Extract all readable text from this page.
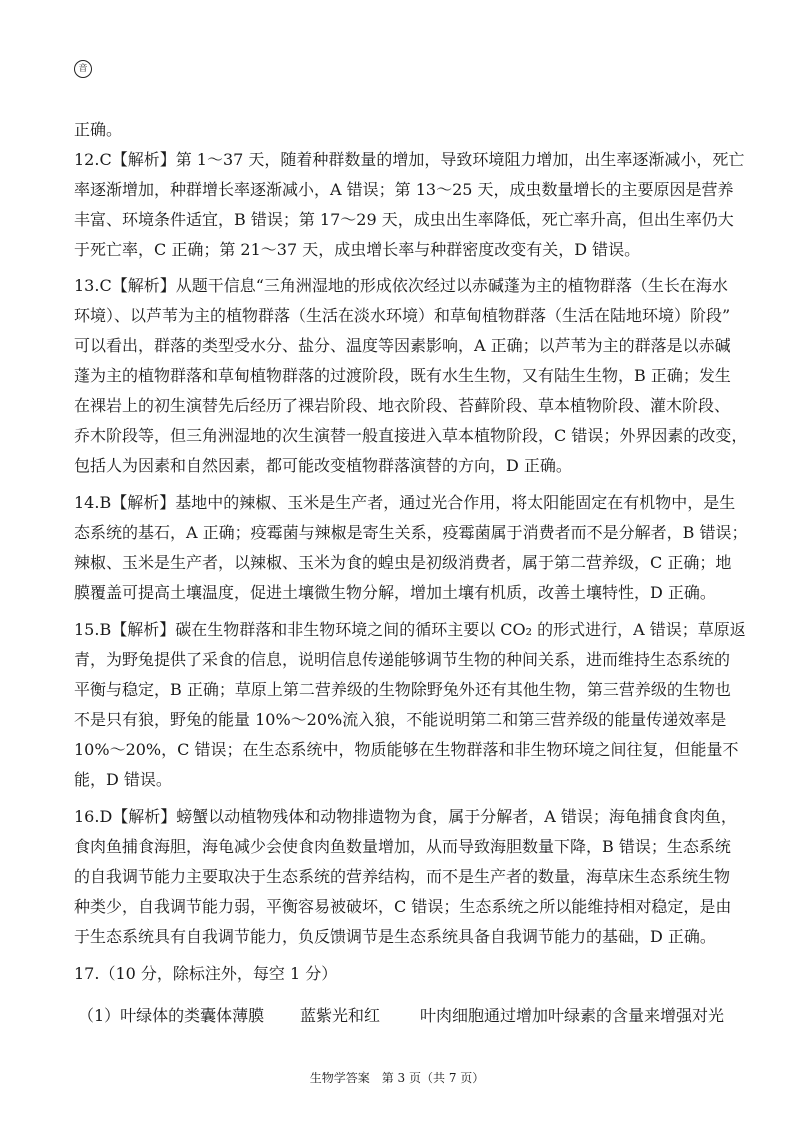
音
正确。
12.C【解析】第 1～37 天，随着种群数量的增加，导致环境阻力增加，出生率逐渐减小，死亡
率逐渐增加，种群增长率逐渐减小，A 错误；第 13～25 天，成虫数量增长的主要原因是营养
丰富、环境条件适宜，B 错误；第 17～29 天，成虫出生率降低，死亡率升高，但出生率仍大
于死亡率，C 正确；第 21～37 天，成虫增长率与种群密度改变有关，D 错误。
13.C【解析】从题干信息“三角洲湿地的形成依次经过以赤碱蓬为主的植物群落（生长在海水
环境）、以芦苇为主的植物群落（生活在淡水环境）和草甸植物群落（生活在陆地环境）阶段”
可以看出，群落的类型受水分、盐分、温度等因素影响，A 正确；以芦苇为主的群落是以赤碱
蓬为主的植物群落和草甸植物群落的过渡阶段，既有水生生物，又有陆生生物，B 正确；发生
在裸岩上的初生演替先后经历了裸岩阶段、地衣阶段、苔藓阶段、草本植物阶段、灌木阶段、
乔木阶段等，但三角洲湿地的次生演替一般直接进入草本植物阶段，C 错误；外界因素的改变，
包括人为因素和自然因素，都可能改变植物群落演替的方向，D 正确。
14.B【解析】基地中的辣椒、玉米是生产者，通过光合作用，将太阳能固定在有机物中，是生
态系统的基石，A 正确；疫霉菌与辣椒是寄生关系，疫霉菌属于消费者而不是分解者，B 错误；
辣椒、玉米是生产者，以辣椒、玉米为食的蝗虫是初级消费者，属于第二营养级，C 正确；地
膜覆盖可提高土壤温度，促进土壤微生物分解，增加土壤有机质，改善土壤特性，D 正确。
15.B【解析】碳在生物群落和非生物环境之间的循环主要以 CO₂ 的形式进行，A 错误；草原返
青，为野兔提供了采食的信息，说明信息传递能够调节生物的种间关系，进而维持生态系统的
平衡与稳定，B 正确；草原上第二营养级的生物除野兔外还有其他生物，第三营养级的生物也
不是只有狼，野兔的能量 10%～20%流入狼，不能说明第二和第三营养级的能量传递效率是
10%～20%，C 错误；在生态系统中，物质能够在生物群落和非生物环境之间往复，但能量不
能，D 错误。
16.D【解析】螃蟹以动植物残体和动物排遗物为食，属于分解者，A 错误；海龟捕食食肉鱼，
食肉鱼捕食海胆，海龟减少会使食肉鱼数量增加，从而导致海胆数量下降，B 错误；生态系统
的自我调节能力主要取决于生态系统的营养结构，而不是生产者的数量，海草床生态系统生物
种类少，自我调节能力弱，平衡容易被破坏，C 错误；生态系统之所以能维持相对稳定，是由
于生态系统具有自我调节能力，负反馈调节是生态系统具备自我调节能力的基础，D 正确。
17.（10 分，除标注外，每空 1 分）
（1）叶绿体的类囊体薄膜 蓝紫光和红 叶肉细胞通过增加叶绿素的含量来增强对光
生物学答案　第 3 页（共 7 页）
